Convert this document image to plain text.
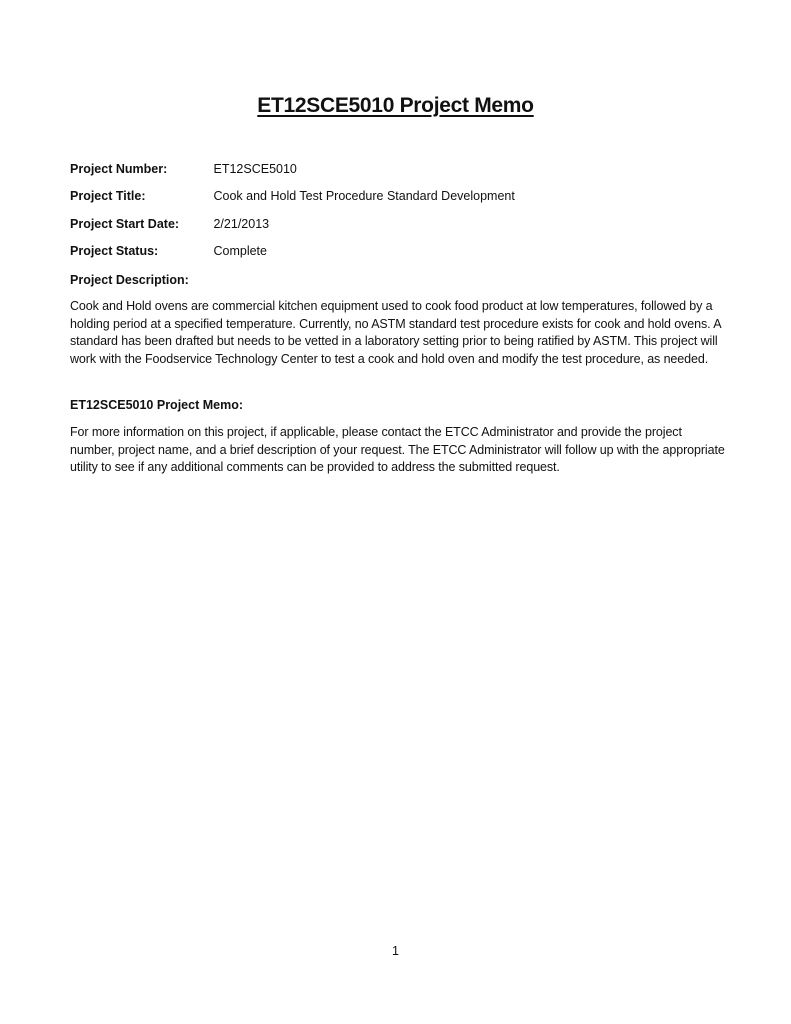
ET12SCE5010 Project Memo
Project Number:	ET12SCE5010
Project Title:	Cook and Hold Test Procedure Standard Development
Project Start Date:	2/21/2013
Project Status:	Complete

Project Description:

Cook and Hold ovens are commercial kitchen equipment used to cook food product at low temperatures, followed by a holding period at a specified temperature. Currently, no ASTM standard test procedure exists for cook and hold ovens. A standard has been drafted but needs to be vetted in a laboratory setting prior to being ratified by ASTM. This project will work with the Foodservice Technology Center to test a cook and hold oven and modify the test procedure, as needed.

ET12SCE5010 Project Memo:

For more information on this project, if applicable, please contact the ETCC Administrator and provide the project number, project name, and a brief description of your request. The ETCC Administrator will follow up with the appropriate utility to see if any additional comments can be provided to address the submitted request.

1
